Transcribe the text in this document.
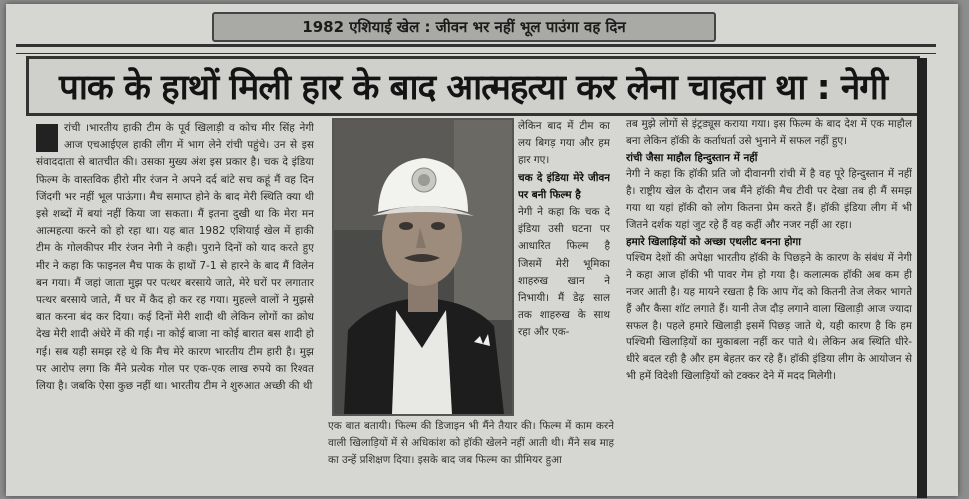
1982 एशियाई खेल : जीवन भर नहीं भूल पाउंगा वह दिन
पाक के हाथों मिली हार के बाद आत्महत्या कर लेना चाहता था : नेगी
रांची ।भारतीय हाकी टीम के पूर्व खिलाड़ी व कोच मीर सिंह नेगी आज एचआईएल हाकी लीग में भाग लेने रांची पहुंचे। उन से इस संवाददाता से बातचीत की। उसका मुख्य अंश इस प्रकार है। चक दे इंडिया फिल्म के वास्तविक हीरो मीर रंजन ने अपने दर्द बांटे सच कहूं मैं वह दिन जिंदगी भर नहीं भूल पाऊंगा। मैच समाप्त होने के बाद मेरी स्थिति क्या थी इसे शब्दों में बयां नहीं किया जा सकता। मैं इतना दुखी था कि मेरा मन आत्महत्या करने को हो रहा था। यह बात 1982 एशियाई खेल में हाकी टीम के गोलकीपर मीर रंजन नेगी ने कही। पुराने दिनों को याद करते हुए मीर ने कहा कि फाइनल मैच पाक के हाथों 7-1 से हारने के बाद मैं विलेन बन गया। मैं जहां जाता मुझ पर पत्थर बरसाये जाते, मेरे घरों पर लगातार पत्थर बरसाये जाते, मैं घर में कैद हो कर रह गया। मुहल्ले वालों ने मुझसे बात करना बंद कर दिया। कई दिनों मेरी शादी थी लेकिन लोगों का क्रोध देख मेरी शादी अंधेरे में की गई। ना कोई बाजा ना कोई बारात बस शादी हो गई। सब यही समझ रहे थे कि मैच मेरे कारण भारतीय टीम हारी है। मुझ पर आरोप लगा कि मैंने प्रत्येक गोल पर एक-एक लाख रुपये का रिश्वत लिया है। जबकि ऐसा कुछ नहीं था। भारतीय टीम ने शुरुआत अच्छी की थी
लेकिन बाद में टीम का लय बिगड़ गया और हम हार गए।
चक दे इंडिया मेरे जीवन पर बनी फिल्म है
नेगी ने कहा कि चक दे इंडिया उसी घटना पर आधारित फिल्म है जिसमें मेरी भूमिका शाहरुख खान ने निभायी। मैं डेढ़ साल तक शाहरुख के साथ रहा और एक-
एक बात बतायी। फिल्म की डिजाइन भी मैंने तैयार की। फिल्म में काम करने वाली खिलाड़ियों में से अधिकांश को हॉकी खेलने नहीं आती थी। मैंने सब माह का उन्हें प्रशिक्षण दिया। इसके बाद जब फिल्म का प्रीमियर हुआ
तब मुझे लोगों से इंट्रड्यूस कराया गया। इस फिल्म के बाद देश में एक माहौल बना लेकिन हॉकी के कर्ताधर्ता उसे भुनाने में सफल नहीं हुए।
रांची जैसा माहौल हिन्दुस्तान में नहीं
नेगी ने कहा कि हॉकी प्रति जो दीवानगी रांची में है वह पूरे हिन्दुस्तान में नहीं है। राष्ट्रीय खेल के दौरान जब मैंने हॉकी मैच टीवी पर देखा तब ही मैं समझ गया था यहां हॉकी को लोग कितना प्रेम करते हैं। हॉकी इंडिया लीग में भी जितने दर्शक यहां जुट रहे हैं वह कहीं और नजर नहीं आ रहा।
हमारे खिलाड़ियों को अच्छा एथलीट बनना होगा
पश्चिम देशों की अपेक्षा भारतीय हॉकी के पिछड़ने के कारण के संबंध में नेगी ने कहा आज हॉकी भी पावर गेम हो गया है। कलात्मक हॉकी अब कम ही नजर आती है। यह मायने रखता है कि आप गेंद को कितनी तेज लेकर भागते हैं और कैसा शॉट लगाते हैं। यानी तेज दौड़ लगाने वाला खिलाड़ी आज ज्यादा सफल है। पहले हमारे खिलाड़ी इसमें पिछड़ जाते थे, यही कारण है कि हम पश्चिमी खिलाड़ियों का मुकाबला नहीं कर पाते थे। लेकिन अब स्थिति धीरे-धीरे बदल रही है और हम बेहतर कर रहे हैं। हॉकी इंडिया लीग के आयोजन से भी हमें विदेशी खिलाड़ियों को टक्कर देने में मदद मिलेगी।
